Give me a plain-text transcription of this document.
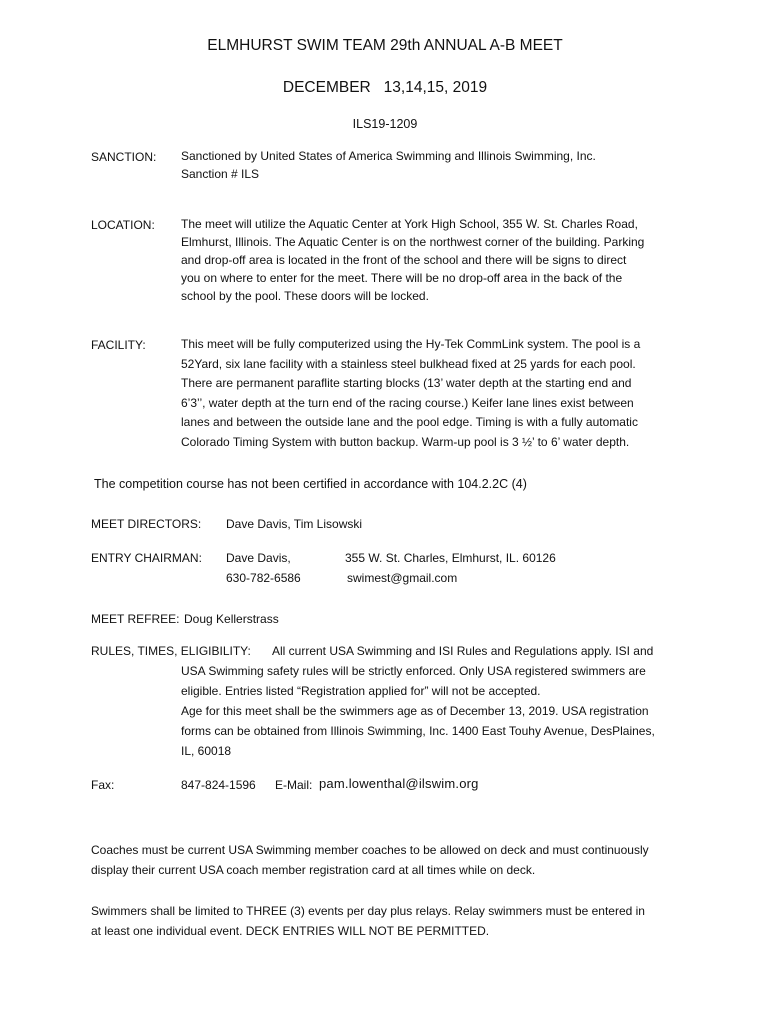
ELMHURST SWIM TEAM 29th ANNUAL A-B MEET
DECEMBER   13,14,15, 2019
ILS19-1209
SANCTION: Sanctioned by United States of America Swimming and Illinois Swimming, Inc.
Sanction # ILS
LOCATION: The meet will utilize the Aquatic Center at York High School, 355 W. St. Charles Road,
Elmhurst, Illinois. The Aquatic Center is on the northwest corner of the building. Parking
and drop-off area is located in the front of the school and there will be signs to direct
you on where to enter for the meet. There will be no drop-off area in the back of the
school by the pool. These doors will be locked.
FACILITY:	This meet will be fully computerized using the Hy-Tek CommLink system. The pool is a
52Yard, six lane facility with a stainless steel bulkhead fixed at 25 yards for each pool.
There are permanent paraflite starting blocks (13’ water depth at the starting end and
6’3’’, water depth at the turn end of the racing course.) Keifer lane lines exist between
lanes and between the outside lane and the pool edge. Timing is with a fully automatic
Colorado Timing System with button backup. Warm-up pool is 3 ½’ to 6’ water depth.
The competition course has not been certified in accordance with 104.2.2C (4)
MEET DIRECTORS: Dave Davis, Tim Lisowski
ENTRY CHAIRMAN: Dave Davis,
630-782-6586
355 W. St. Charles, Elmhurst, IL. 60126
swimest@gmail.com
MEET REFREE: Doug Kellerstrass
RULES, TIMES, ELIGIBILITY: All current USA Swimming and ISI Rules and Regulations apply. ISI and
USA Swimming safety rules will be strictly enforced. Only USA registered swimmers are
eligible. Entries listed “Registration applied for” will not be accepted.
Age for this meet shall be the swimmers age as of December 13, 2019. USA registration
forms can be obtained from Illinois Swimming, Inc. 1400 East Touhy Avenue, DesPlaines,
IL, 60018
Fax:	847-824-1596 E-Mail: pam.lowenthal@ilswim.org
Coaches must be current USA Swimming member coaches to be allowed on deck and must continuously
display their current USA coach member registration card at all times while on deck.
Swimmers shall be limited to THREE (3) events per day plus relays. Relay swimmers must be entered in
at least one individual event. DECK ENTRIES WILL NOT BE PERMITTED.
